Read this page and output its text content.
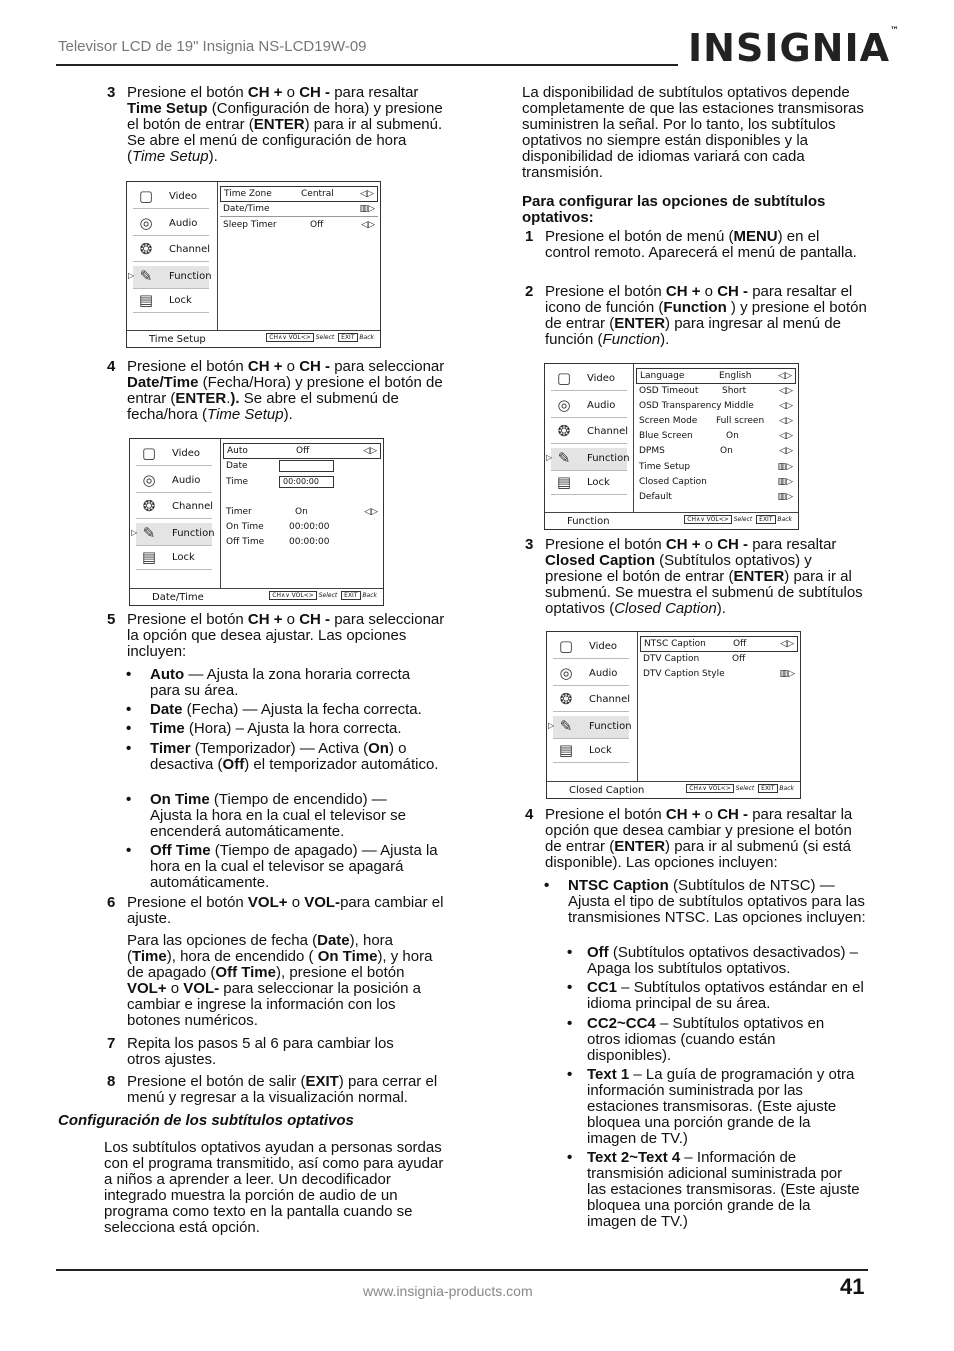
Televisor LCD de 19" Insignia NS-LCD19W-09	INSIGNIA™
3 Presione el botón CH + o CH - para resaltar Time Setup (Configuración de hora) y presione el botón de entrar (ENTER) para ir al submenú. Se abre el menú de configuración de hora (Time Setup).
▢ Video
◎ Audio
❂ Channel
▷ ✎ Function
▤ Lock
Time Zone	Central	◁▷
Date/Time	▥▷
Sleep Timer	Off	◁▷
Time Setup	CH∧∨ VOL<> Select EXIT Back
4 Presione el botón CH + o CH - para seleccionar Date/Time (Fecha/Hora) y presione el botón de entrar (ENTER.). Se abre el submenú de fecha/hora (Time Setup).
▢ Video
◎ Audio
❂ Channel
▷ ✎ Function
▤ Lock
Auto	Off	◁▷
Date
Time	00:00:00
Timer	On	◁▷
On Time	00:00:00
Off Time	00:00:00
Date/Time	CH∧∨ VOL<> Select EXIT Back
5 Presione el botón CH + o CH - para seleccionar la opción que desea ajustar. Las opciones incluyen:
• Auto — Ajusta la zona horaria correcta para su área.
• Date (Fecha) — Ajusta la fecha correcta.
• Time (Hora) – Ajusta la hora correcta.
• Timer (Temporizador) — Activa (On) o desactiva (Off) el temporizador automático.
• On Time (Tiempo de encendido) — Ajusta la hora en la cual el televisor se encenderá automáticamente.
• Off Time (Tiempo de apagado) — Ajusta la hora en la cual el televisor se apagará automáticamente.
6 Presione el botón VOL+ o VOL-para cambiar el ajuste.
Para las opciones de fecha (Date), hora (Time), hora de encendido ( On Time), y hora de apagado (Off Time), presione el botón VOL+ o VOL- para seleccionar la posición a cambiar e ingrese la información con los botones numéricos.
7 Repita los pasos 5 al 6 para cambiar los otros ajustes.
8 Presione el botón de salir (EXIT) para cerrar el menú y regresar a la visualización normal.
Configuración de los subtítulos optativos
Los subtítulos optativos ayudan a personas sordas con el programa transmitido, así como para ayudar a niños a aprender a leer. Un decodificador integrado muestra la porción de audio de un programa como texto en la pantalla cuando se selecciona está opción.
La disponibilidad de subtítulos optativos depende completamente de que las estaciones transmisoras suministren la señal. Por lo tanto, los subtítulos optativos no siempre están disponibles y la disponibilidad de idiomas variará con cada transmisión.
Para configurar las opciones de subtítulos optativos:
1 Presione el botón de menú (MENU) en el control remoto. Aparecerá el menú de pantalla.
2 Presione el botón CH + o CH - para resaltar el icono de función (Function ) y presione el botón de entrar (ENTER) para ingresar al menú de función (Function).
▢ Video
◎ Audio
❂ Channel
▷ ✎ Function
▤ Lock
Language	English	◁▷
OSD Timeout	Short	◁▷
OSD Transparency Middle	◁▷
Screen Mode Full screen ◁▷
Blue Screen	On	◁▷
DPMS	On	◁▷
Time Setup	▥▷
Closed Caption	▥▷
Default	▥▷
Function	CH∧∨ VOL<> Select EXIT Back
3 Presione el botón CH + o CH - para resaltar Closed Caption (Subtítulos optativos) y presione el botón de entrar (ENTER) para ir al submenú. Se muestra el submenú de subtítulos optativos (Closed Caption).
▢ Video
◎ Audio
❂ Channel
▷ ✎ Function
▤ Lock
NTSC Caption	Off	◁▷
DTV Caption	Off
DTV Caption Style	▥▷
Closed Caption	CH∧∨ VOL<> Select EXIT Back
4 Presione el botón CH + o CH - para resaltar la opción que desea cambiar y presione el botón de entrar (ENTER) para ir al submenú (si está disponible). Las opciones incluyen:
• NTSC Caption (Subtítulos de NTSC) — Ajusta el tipo de subtítulos optativos para las transmisiones NTSC. Las opciones incluyen:
• Off (Subtítulos optativos desactivados) – Apaga los subtítulos optativos.
• CC1 – Subtítulos optativos estándar en el idioma principal de su área.
• CC2~CC4 – Subtítulos optativos en otros idiomas (cuando están disponibles).
• Text 1 – La guía de programación y otra información suministrada por las estaciones transmisoras. (Este ajuste bloquea una porción grande de la imagen de TV.)
• Text 2~Text 4 – Información de transmisión adicional suministrada por las estaciones transmisoras. (Este ajuste bloquea una porción grande de la imagen de TV.)
www.insignia-products.com	41
